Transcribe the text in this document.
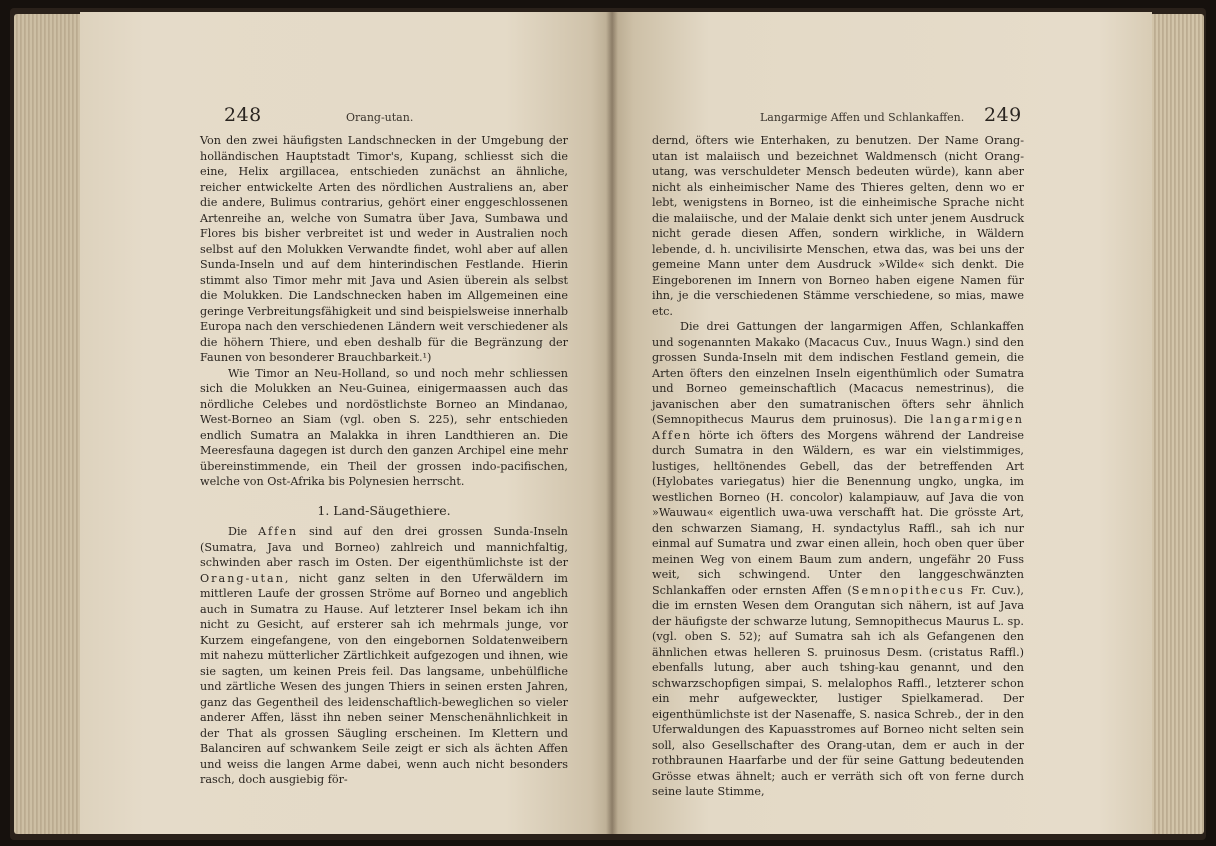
248	Orang-utan.

Von den zwei häufigsten Landschnecken in der Umgebung der holländischen Hauptstadt Timor's, Kupang, schliesst sich die eine, Helix argillacea, entschieden zunächst an ähnliche, reicher entwickelte Arten des nördlichen Australiens an, aber die andere, Bulimus contrarius, gehört einer enggeschlossenen Artenreihe an, welche von Sumatra über Java, Sumbawa und Flores bis bisher verbreitet ist und weder in Australien noch selbst auf den Molukken Verwandte findet, wohl aber auf allen Sunda-Inseln und auf dem hinterindischen Festlande. Hierin stimmt also Timor mehr mit Java und Asien überein als selbst die Molukken. Die Landschnecken haben im Allgemeinen eine geringe Verbreitungsfähigkeit und sind beispielsweise innerhalb Europa nach den verschiedenen Ländern weit verschiedener als die höhern Thiere, und eben deshalb für die Begränzung der Faunen von besonderer Brauchbarkeit.¹)

Wie Timor an Neu-Holland, so und noch mehr schliessen sich die Molukken an Neu-Guinea, einigermaassen auch das nördliche Celebes und nordöstlichste Borneo an Mindanao, West-Borneo an Siam (vgl. oben S. 225), sehr entschieden endlich Sumatra an Malakka in ihren Landthieren an. Die Meeresfauna dagegen ist durch den ganzen Archipel eine mehr übereinstimmende, ein Theil der grossen indo-pacifischen, welche von Ost-Afrika bis Polynesien herrscht.

1. Land-Säugethiere.

Die Affen sind auf den drei grossen Sunda-Inseln (Sumatra, Java und Borneo) zahlreich und mannichfaltig, schwinden aber rasch im Osten. Der eigenthümlichste ist der Orang-utan, nicht ganz selten in den Uferwäldern im mittleren Laufe der grossen Ströme auf Borneo und angeblich auch in Sumatra zu Hause. Auf letzterer Insel bekam ich ihn nicht zu Gesicht, auf ersterer sah ich mehrmals junge, vor Kurzem eingefangene, von den eingebornen Soldatenweibern mit nahezu mütterlicher Zärtlichkeit aufgezogen und ihnen, wie sie sagten, um keinen Preis feil. Das langsame, unbehülfliche und zärtliche Wesen des jungen Thiers in seinen ersten Jahren, ganz das Gegentheil des leidenschaftlich-beweglichen so vieler anderer Affen, lässt ihn neben seiner Menschenähnlichkeit in der That als grossen Säugling erscheinen. Im Klettern und Balanciren auf schwankem Seile zeigt er sich als ächten Affen und weiss die langen Arme dabei, wenn auch nicht besonders rasch, doch ausgiebig för-

Langarmige Affen und Schlankaffen. 249

dernd, öfters wie Enterhaken, zu benutzen. Der Name Orang-utan ist malaiisch und bezeichnet Waldmensch (nicht Orang-utang, was verschuldeter Mensch bedeuten würde), kann aber nicht als einheimischer Name des Thieres gelten, denn wo er lebt, wenigstens in Borneo, ist die einheimische Sprache nicht die malaiische, und der Malaie denkt sich unter jenem Ausdruck nicht gerade diesen Affen, sondern wirkliche, in Wäldern lebende, d. h. uncivilisirte Menschen, etwa das, was bei uns der gemeine Mann unter dem Ausdruck »Wilde« sich denkt. Die Eingeborenen im Innern von Borneo haben eigene Namen für ihn, je die verschiedenen Stämme verschiedene, so mias, mawe etc.

Die drei Gattungen der langarmigen Affen, Schlankaffen und sogenannten Makako (Macacus Cuv., Inuus Wagn.) sind den grossen Sunda-Inseln mit dem indischen Festland gemein, die Arten öfters den einzelnen Inseln eigenthümlich oder Sumatra und Borneo gemeinschaftlich (Macacus nemestrinus), die javanischen aber den sumatranischen öfters sehr ähnlich (Semnopithecus Maurus dem pruinosus). Die langarmigen Affen hörte ich öfters des Morgens während der Landreise durch Sumatra in den Wäldern, es war ein vielstimmiges, lustiges, helltönendes Gebell, das der betreffenden Art (Hylobates variegatus) hier die Benennung ungko, ungka, im westlichen Borneo (H. concolor) kalampiauw, auf Java die von »Wauwau« eigentlich uwa-uwa verschafft hat. Die grösste Art, den schwarzen Siamang, H. syndactylus Raffl., sah ich nur einmal auf Sumatra und zwar einen allein, hoch oben quer über meinen Weg von einem Baum zum andern, ungefähr 20 Fuss weit, sich schwingend. Unter den langgeschwänzten Schlankaffen oder ernsten Affen (Semnopithecus Fr. Cuv.), die im ernsten Wesen dem Orangutan sich nähern, ist auf Java der häufigste der schwarze lutung, Semnopithecus Maurus L. sp. (vgl. oben S. 52); auf Sumatra sah ich als Gefangenen den ähnlichen etwas helleren S. pruinosus Desm. (cristatus Raffl.) ebenfalls lutung, aber auch tshing-kau genannt, und den schwarzschopfigen simpai, S. melalophos Raffl., letzterer schon ein mehr aufgeweckter, lustiger Spielkamerad. Der eigenthümlichste ist der Nasenaffe, S. nasica Schreb., der in den Uferwaldungen des Kapuasstromes auf Borneo nicht selten sein soll, also Gesellschafter des Orang-utan, dem er auch in der rothbraunen Haarfarbe und der für seine Gattung bedeutenden Grösse etwas ähnelt; auch er verräth sich oft von ferne durch seine laute Stimme,
